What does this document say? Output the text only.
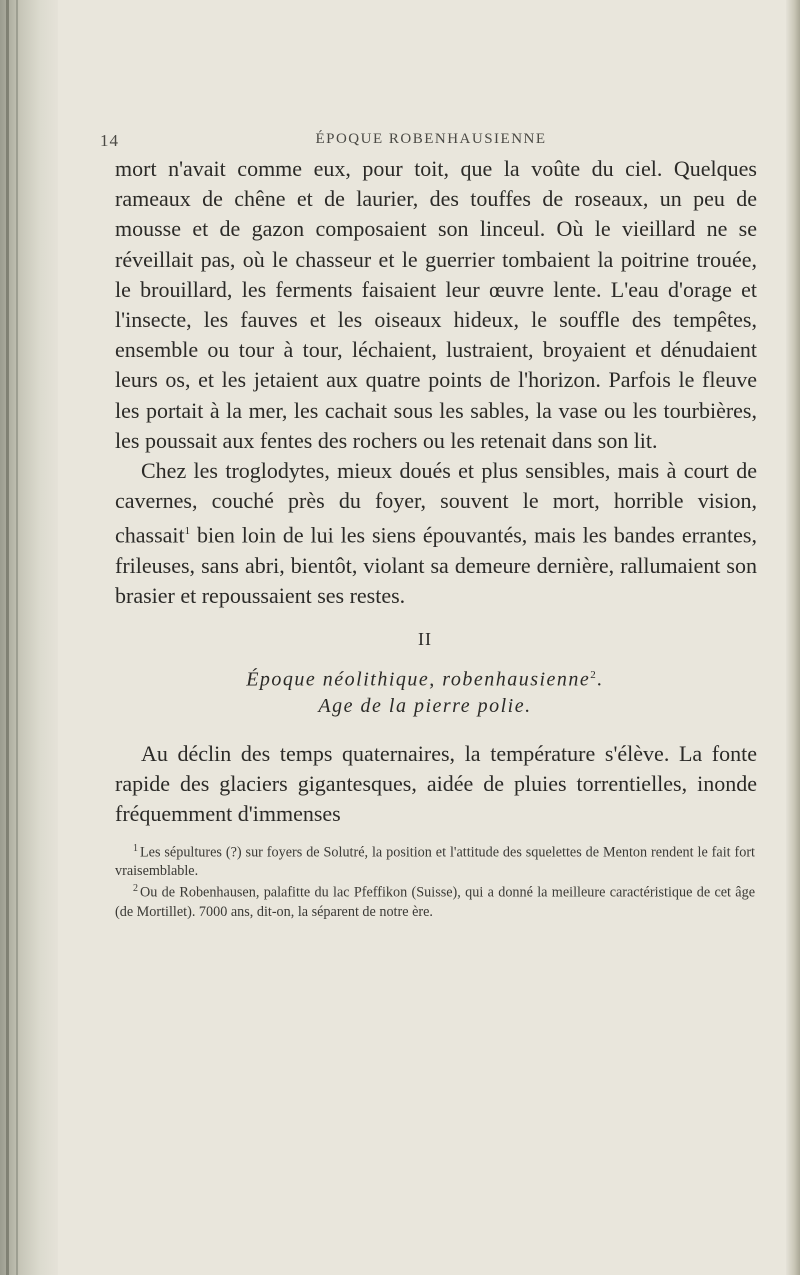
14	ÉPOQUE ROBENHAUSIENNE

mort n'avait comme eux, pour toit, que la voûte du ciel. Quelques rameaux de chêne et de laurier, des touffes de roseaux, un peu de mousse et de gazon composaient son linceul. Où le vieillard ne se réveillait pas, où le chasseur et le guerrier tombaient la poitrine trouée, le brouillard, les ferments faisaient leur œuvre lente. L'eau d'orage et l'insecte, les fauves et les oiseaux hideux, le souffle des tempêtes, ensemble ou tour à tour, léchaient, lustraient, broyaient et dénudaient leurs os, et les jetaient aux quatre points de l'horizon. Parfois le fleuve les portait à la mer, les cachait sous les sables, la vase ou les tourbières, les poussait aux fentes des rochers ou les retenait dans son lit.

Chez les troglodytes, mieux doués et plus sensibles, mais à court de cavernes, couché près du foyer, souvent le mort, horrible vision, chassait$^1$ bien loin de lui les siens épouvantés, mais les bandes errantes, frileuses, sans abri, bientôt, violant sa demeure dernière, rallumaient son brasier et repoussaient ses restes.

II
Époque néolithique, robenhausienne$^2$.
Age de la pierre polie.

Au déclin des temps quaternaires, la température s'élève. La fonte rapide des glaciers gigantesques, aidée de pluies torrentielles, inonde fréquemment d'immenses

$^1$ Les sépultures (?) sur foyers de Solutré, la position et l'attitude des squelettes de Menton rendent le fait fort vraisemblable.

$^2$ Ou de Robenhausen, palafitte du lac Pfeffikon (Suisse), qui a donné la meilleure caractéristique de cet âge (de Mortillet). 7000 ans, dit-on, la séparent de notre ère.
